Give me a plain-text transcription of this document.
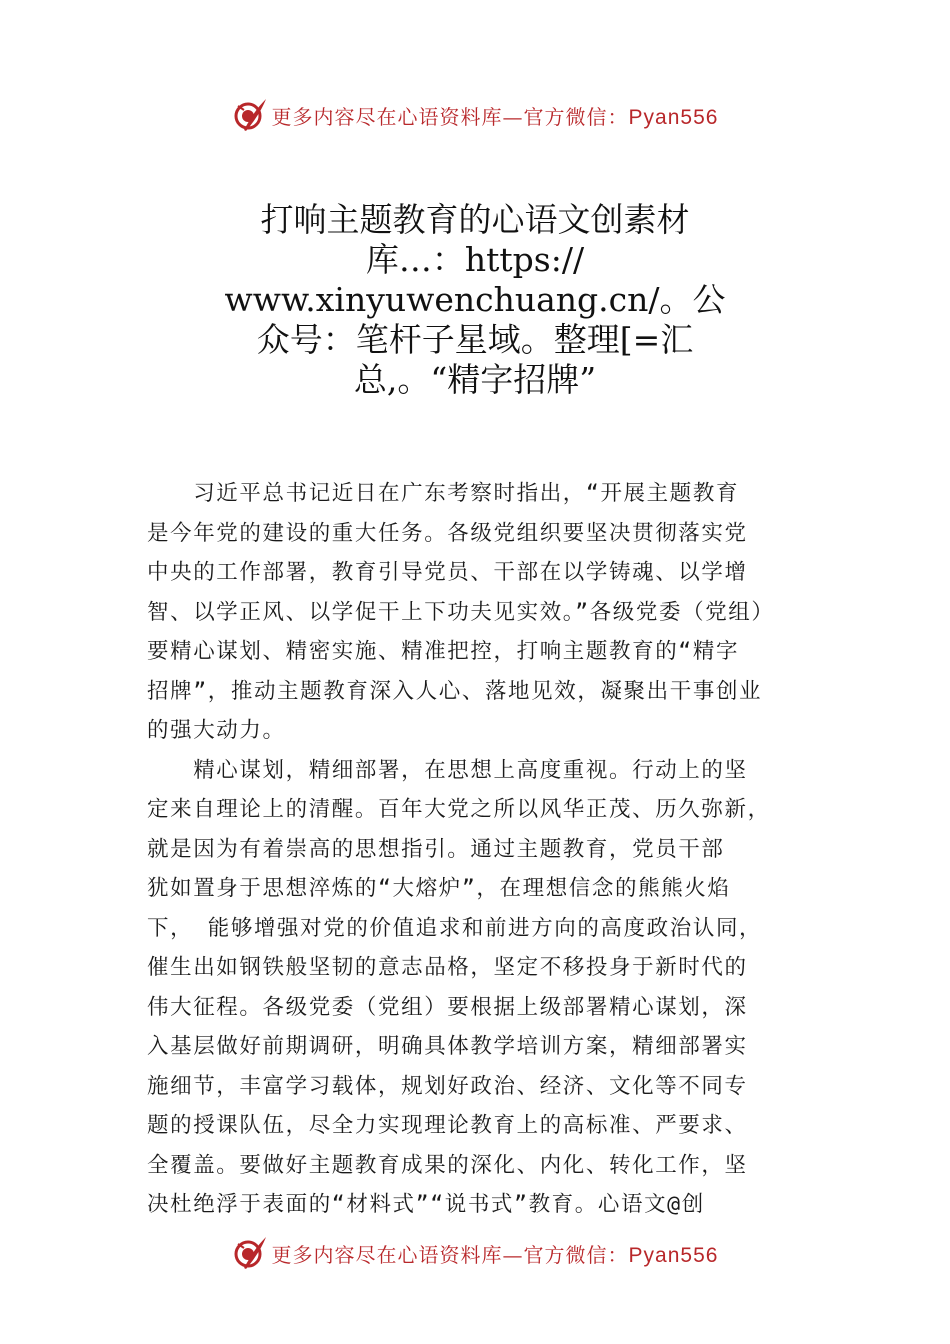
更多内容尽在心语资料库—官方微信：Pyan556
打响主题教育的心语文创素材
库…：https://
www.xinyuwenchuang.cn/。公
众号：笔杆子星域。整理[=汇
总,。“精字招牌”
　　习近平总书记近日在广东考察时指出，“开展主题教育
是今年党的建设的重大任务。各级党组织要坚决贯彻落实党
中央的工作部署，教育引导党员、干部在以学铸魂、以学增
智、以学正风、以学促干上下功夫见实效。”各级党委（党组）
要精心谋划、精密实施、精准把控，打响主题教育的“精字
招牌”，推动主题教育深入人心、落地见效，凝聚出干事创业
的强大动力。
　　精心谋划，精细部署，在思想上高度重视。行动上的坚
定来自理论上的清醒。百年大党之所以风华正茂、历久弥新，
就是因为有着崇高的思想指引。通过主题教育，党员干部
犹如置身于思想淬炼的“大熔炉”，在理想信念的熊熊火焰
下， 能够增强对党的价值追求和前进方向的高度政治认同，
催生出如钢铁般坚韧的意志品格，坚定不移投身于新时代的
伟大征程。各级党委（党组）要根据上级部署精心谋划，深
入基层做好前期调研，明确具体教学培训方案，精细部署实
施细节，丰富学习载体，规划好政治、经济、文化等不同专
题的授课队伍，尽全力实现理论教育上的高标准、严要求、
全覆盖。要做好主题教育成果的深化、内化、转化工作，坚
决杜绝浮于表面的“材料式”“说书式”教育。心语文@创
更多内容尽在心语资料库—官方微信：Pyan556
